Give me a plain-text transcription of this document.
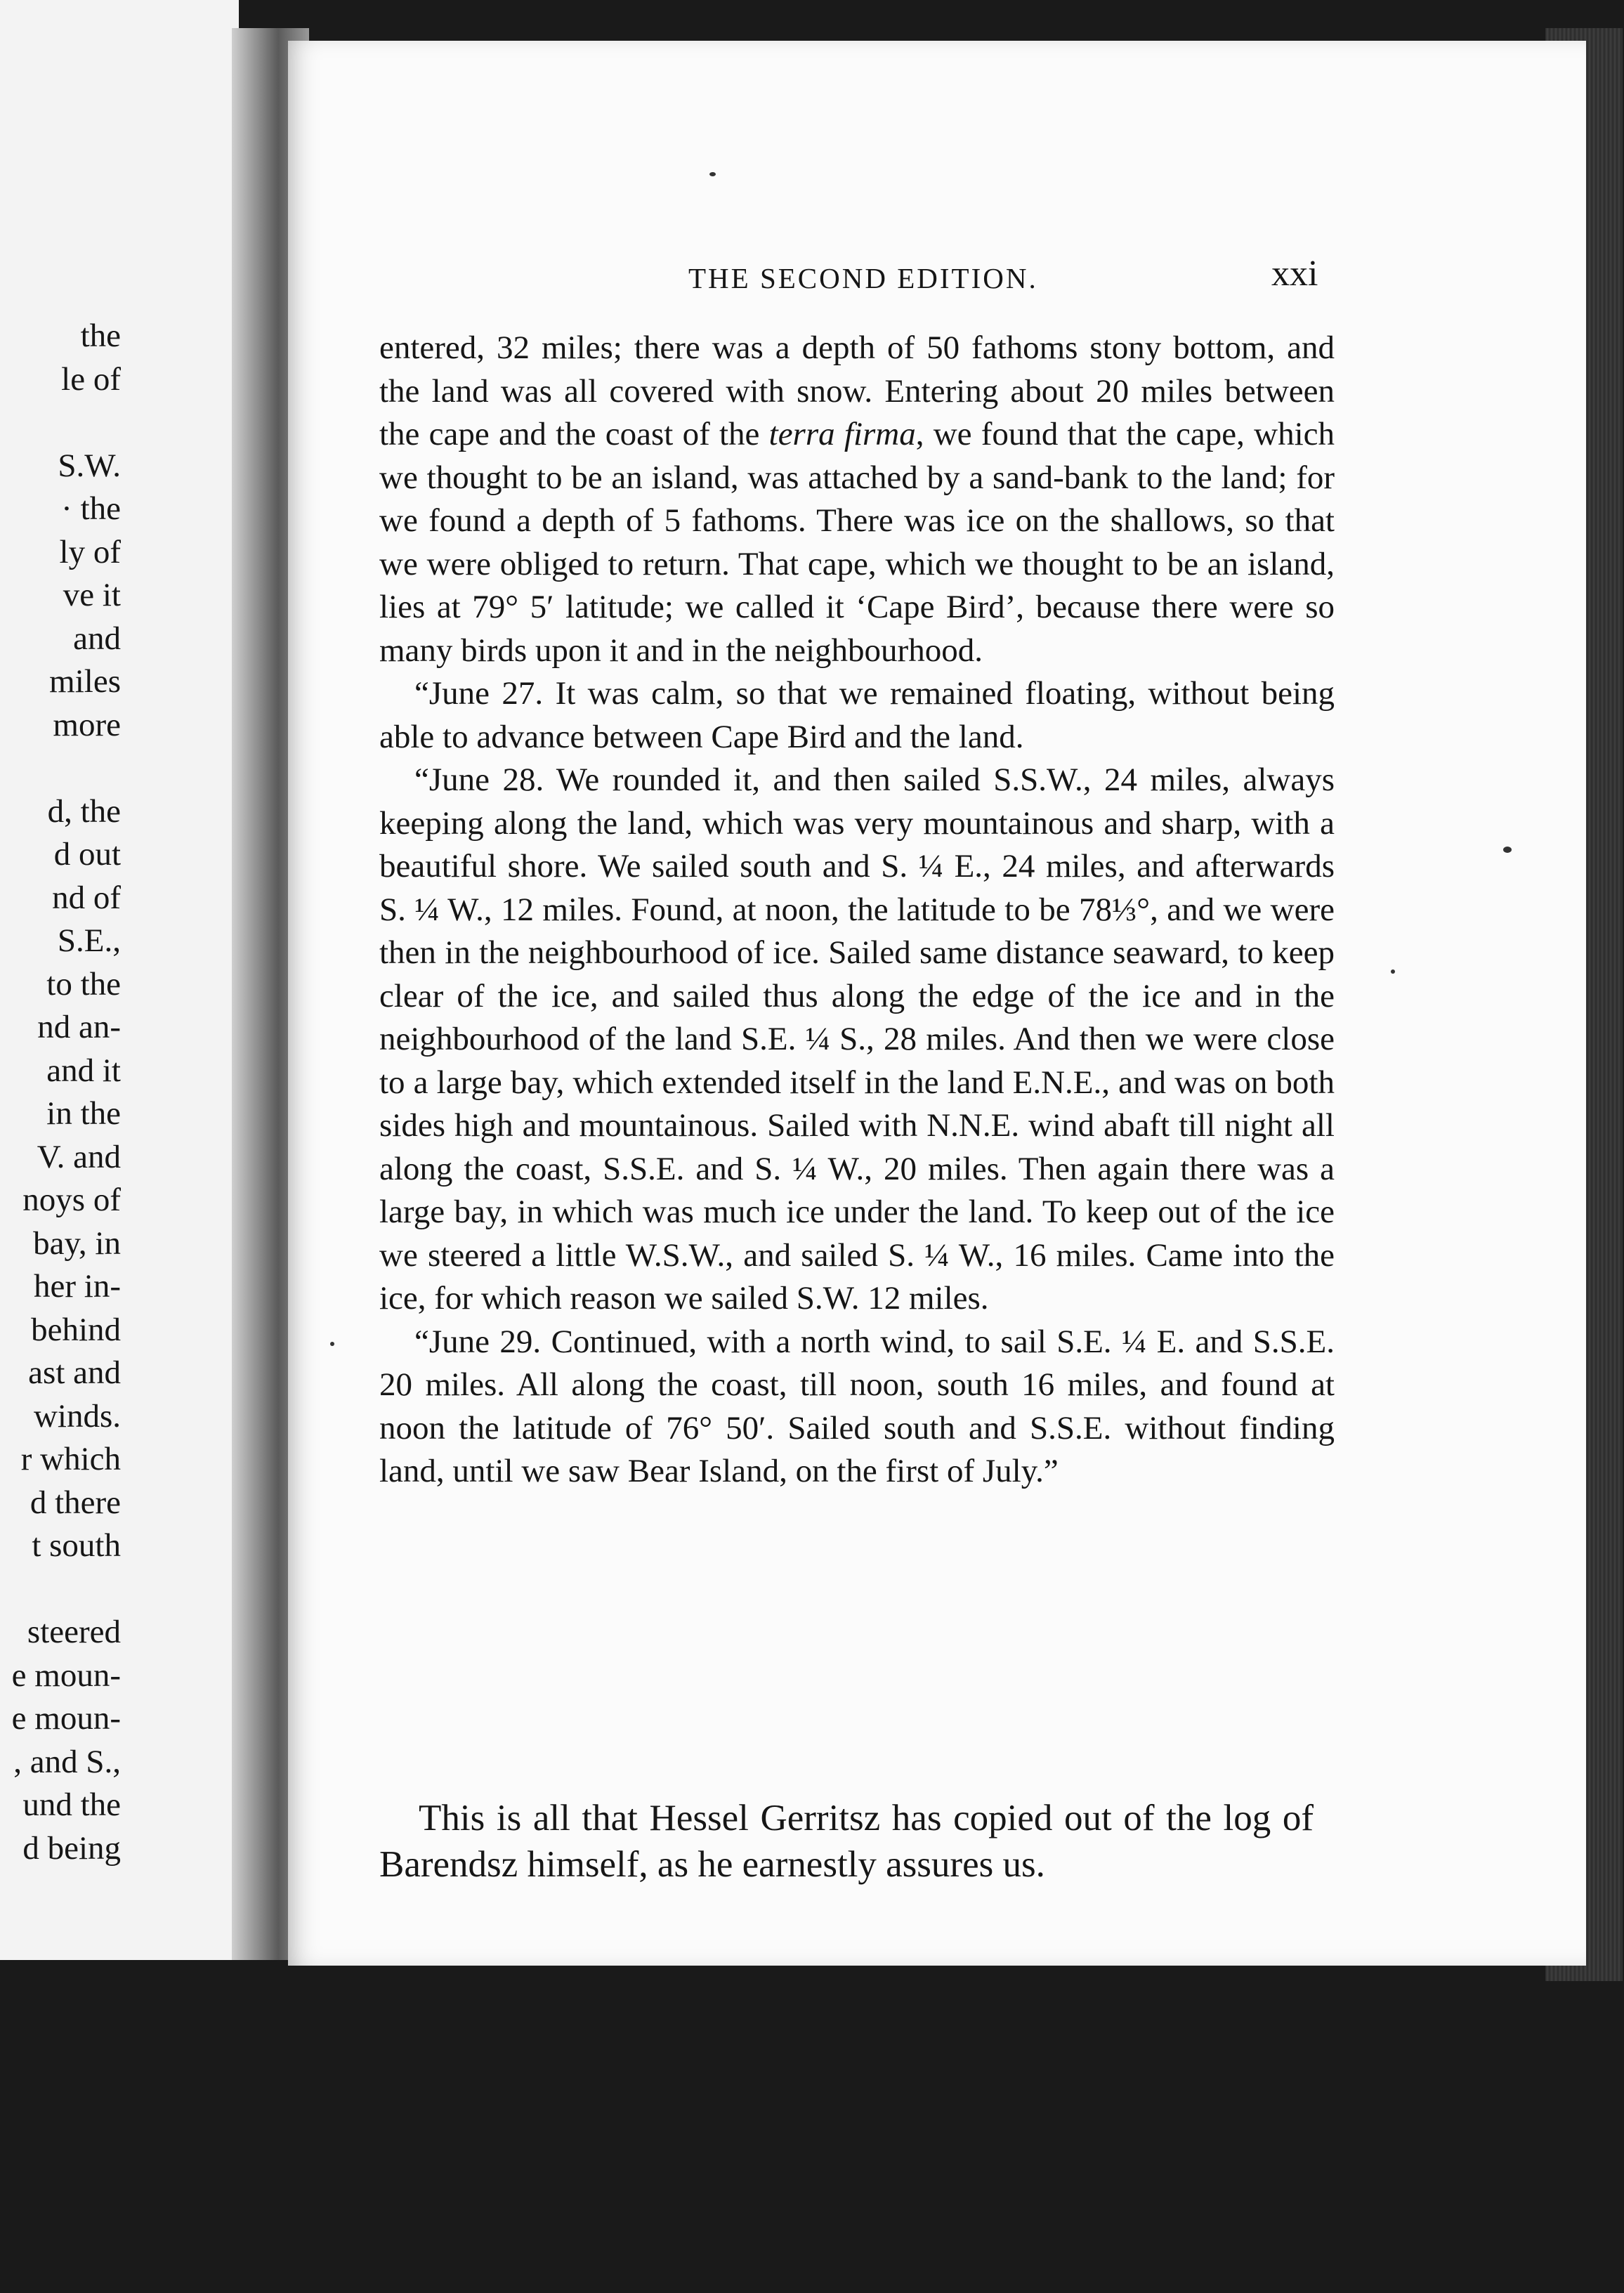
the
le of
S.W.
· the
ly of
ve it
and
miles
more
d, the
d out
nd of
S.E.,
to the
nd an-
and it
in the
V. and
noys of
bay, in
her in-
behind
ast and
winds.
r which
d there
t south
steered
e moun-
e moun-
, and S.,
und the
d being
THE SECOND EDITION.	xxi

entered, 32 miles; there was a depth of 50 fathoms stony bottom, and the land was all covered with snow. Entering about 20 miles between the cape and the coast of the terra firma, we found that the cape, which we thought to be an island, was attached by a sand-bank to the land; for we found a depth of 5 fathoms. There was ice on the shallows, so that we were obliged to return. That cape, which we thought to be an island, lies at 79° 5′ latitude; we called it ‘Cape Bird’, because there were so many birds upon it and in the neighbourhood.

“June 27. It was calm, so that we remained floating, without being able to advance between Cape Bird and the land.

“June 28. We rounded it, and then sailed S.S.W., 24 miles, always keeping along the land, which was very mountainous and sharp, with a beautiful shore. We sailed south and S. ¼ E., 24 miles, and afterwards S. ¼ W., 12 miles. Found, at noon, the latitude to be 78⅓°, and we were then in the neighbourhood of ice. Sailed same distance seaward, to keep clear of the ice, and sailed thus along the edge of the ice and in the neighbourhood of the land S.E. ¼ S., 28 miles. And then we were close to a large bay, which extended itself in the land E.N.E., and was on both sides high and mountainous. Sailed with N.N.E. wind abaft till night all along the coast, S.S.E. and S. ¼ W., 20 miles. Then again there was a large bay, in which was much ice under the land. To keep out of the ice we steered a little W.S.W., and sailed S. ¼ W., 16 miles. Came into the ice, for which reason we sailed S.W. 12 miles.

“June 29. Continued, with a north wind, to sail S.E. ¼ E. and S.S.E. 20 miles. All along the coast, till noon, south 16 miles, and found at noon the latitude of 76° 50′. Sailed south and S.S.E. without finding land, until we saw Bear Island, on the first of July.”

This is all that Hessel Gerritsz has copied out of the log of Barendsz himself, as he earnestly assures us.
